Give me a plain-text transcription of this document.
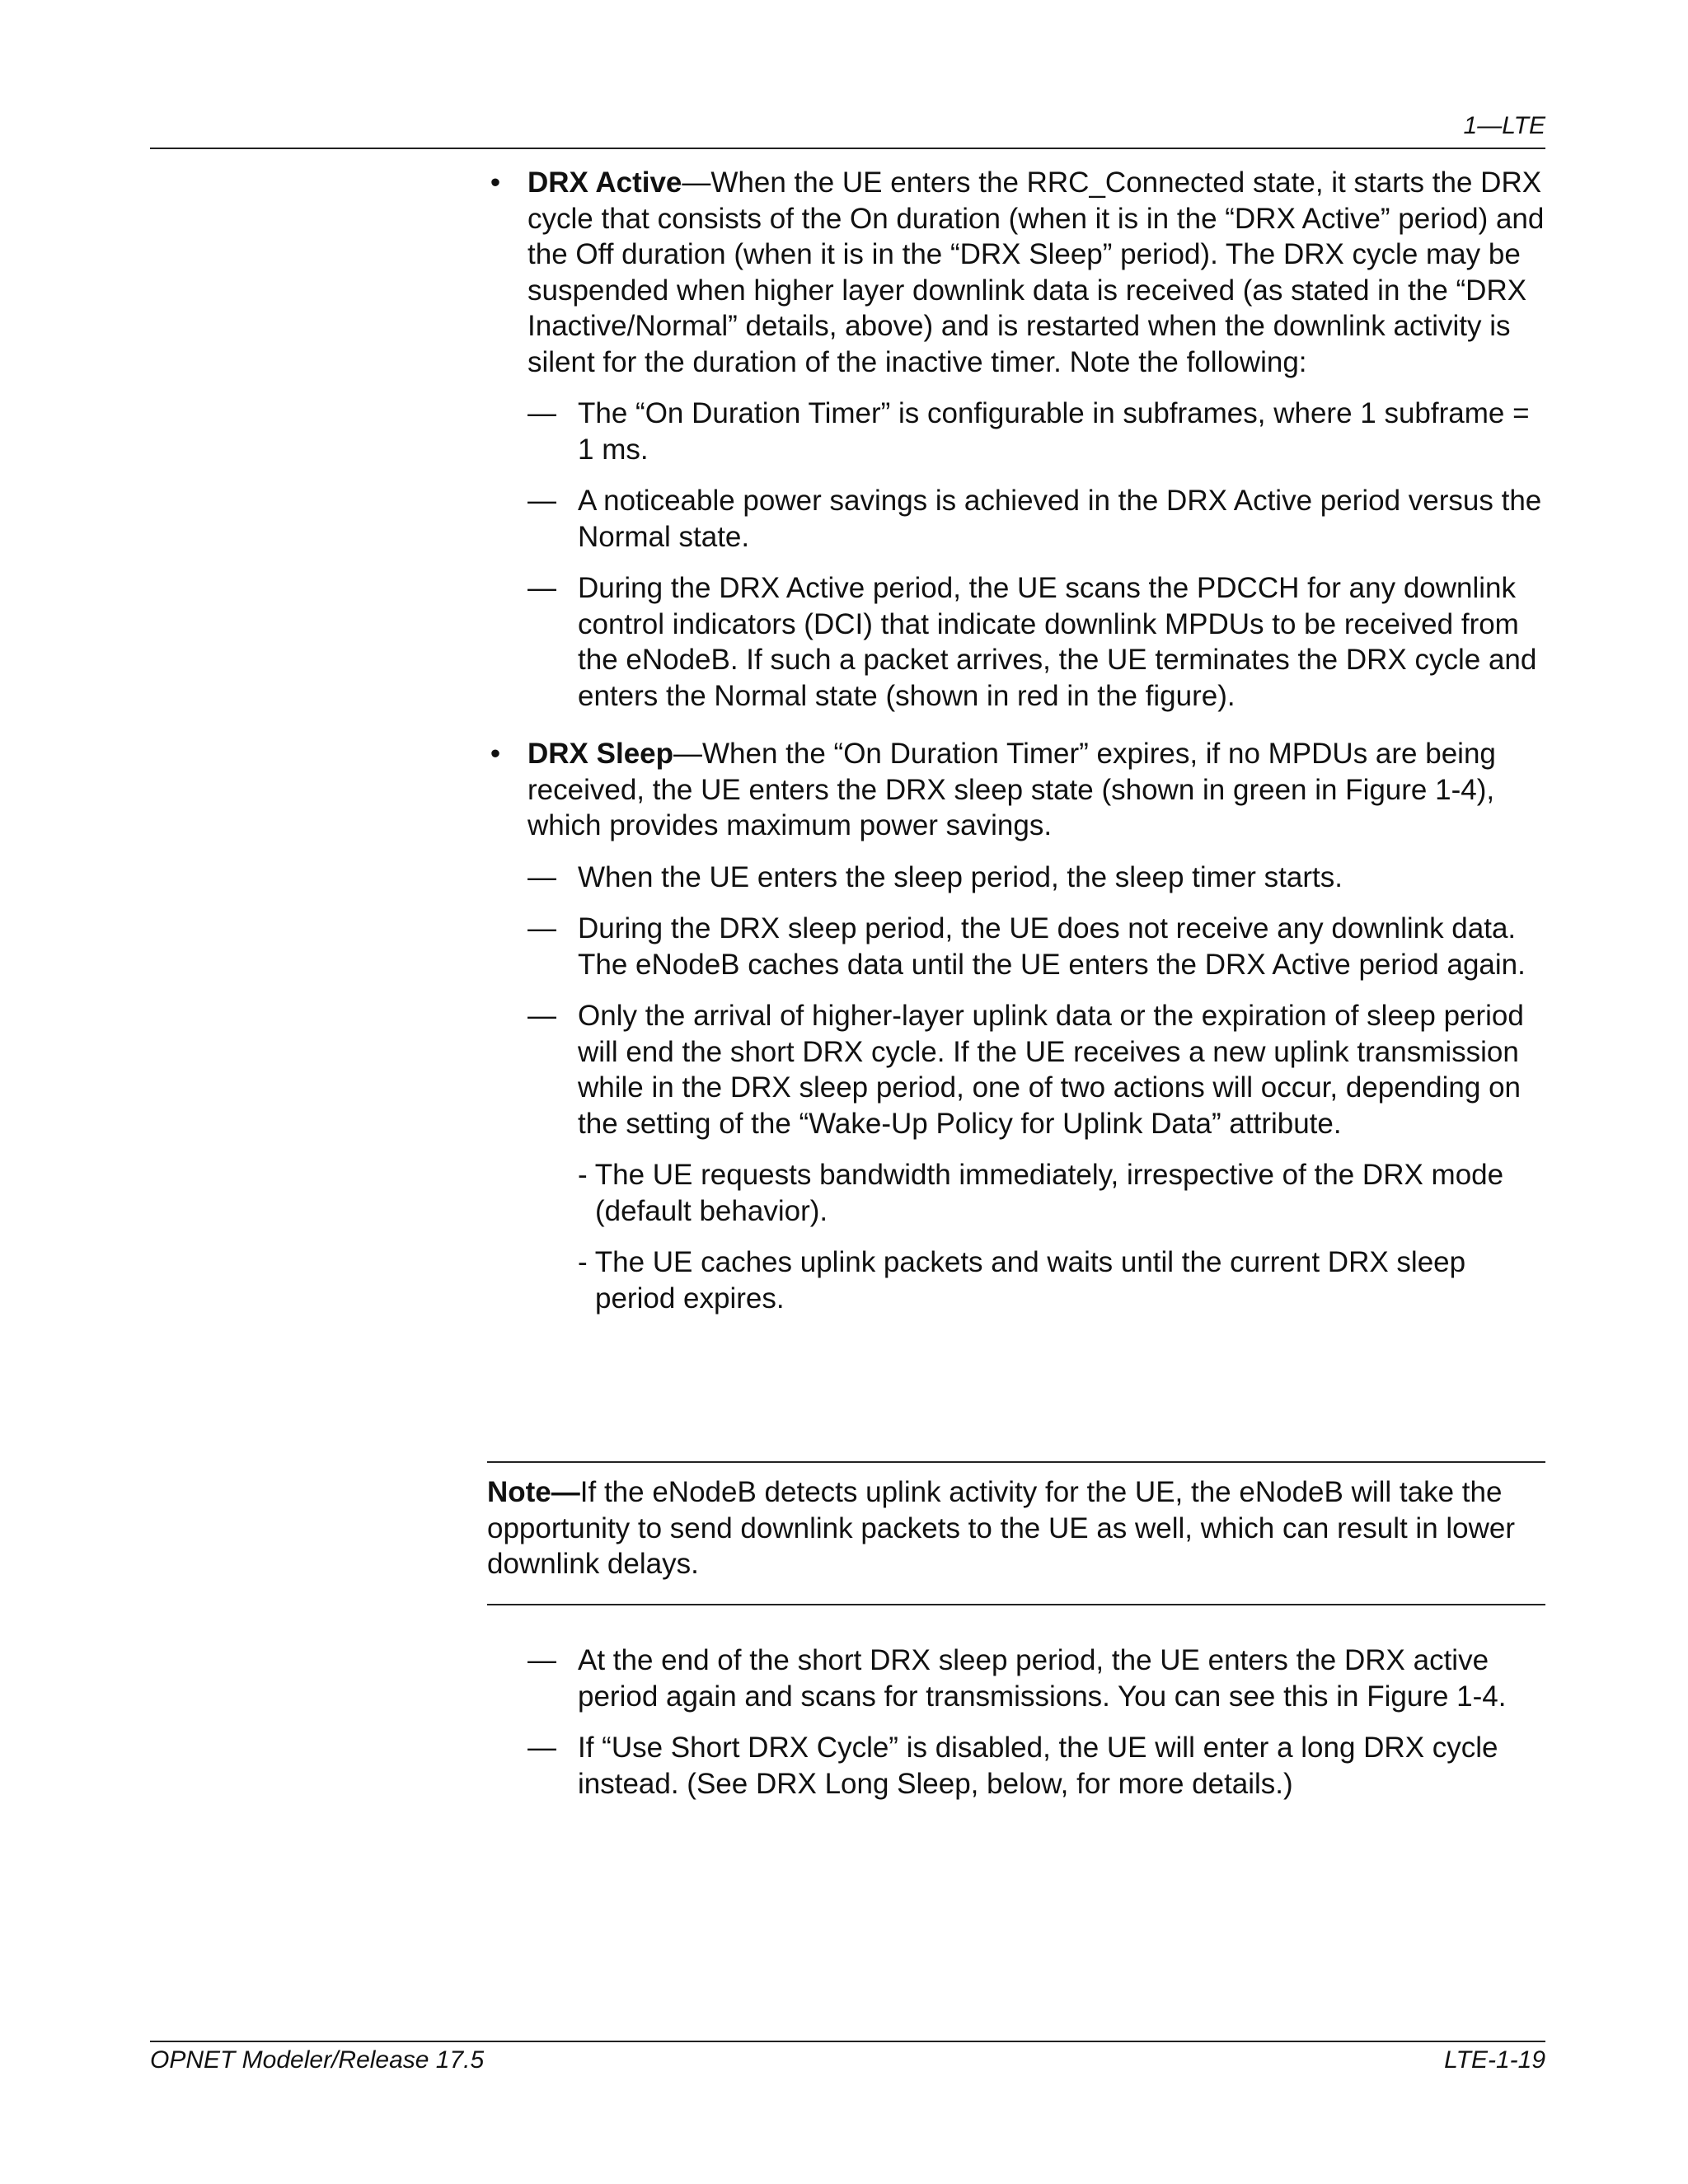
1—LTE
• DRX Active—When the UE enters the RRC_Connected state, it starts the DRX cycle that consists of the On duration (when it is in the “DRX Active” period) and the Off duration (when it is in the “DRX Sleep” period). The DRX cycle may be suspended when higher layer downlink data is received (as stated in the “DRX Inactive/Normal” details, above) and is restarted when the downlink activity is silent for the duration of the inactive timer. Note the following:
— The “On Duration Timer” is configurable in subframes, where 1 subframe = 1 ms.
— A noticeable power savings is achieved in the DRX Active period versus the Normal state.
— During the DRX Active period, the UE scans the PDCCH for any downlink control indicators (DCI) that indicate downlink MPDUs to be received from the eNodeB. If such a packet arrives, the UE terminates the DRX cycle and enters the Normal state (shown in red in the figure).
• DRX Sleep—When the “On Duration Timer” expires, if no MPDUs are being received, the UE enters the DRX sleep state (shown in green in Figure 1-4), which provides maximum power savings.
— When the UE enters the sleep period, the sleep timer starts.
— During the DRX sleep period, the UE does not receive any downlink data. The eNodeB caches data until the UE enters the DRX Active period again.
— Only the arrival of higher-layer uplink data or the expiration of sleep period will end the short DRX cycle. If the UE receives a new uplink transmission while in the DRX sleep period, one of two actions will occur, depending on the setting of the “Wake-Up Policy for Uplink Data” attribute.
- The UE requests bandwidth immediately, irrespective of the DRX mode (default behavior).
- The UE caches uplink packets and waits until the current DRX sleep period expires.
Note—If the eNodeB detects uplink activity for the UE, the eNodeB will take the opportunity to send downlink packets to the UE as well, which can result in lower downlink delays.
— At the end of the short DRX sleep period, the UE enters the DRX active period again and scans for transmissions. You can see this in Figure 1-4.
— If “Use Short DRX Cycle” is disabled, the UE will enter a long DRX cycle instead. (See DRX Long Sleep, below, for more details.)
OPNET Modeler/Release 17.5	LTE-1-19
